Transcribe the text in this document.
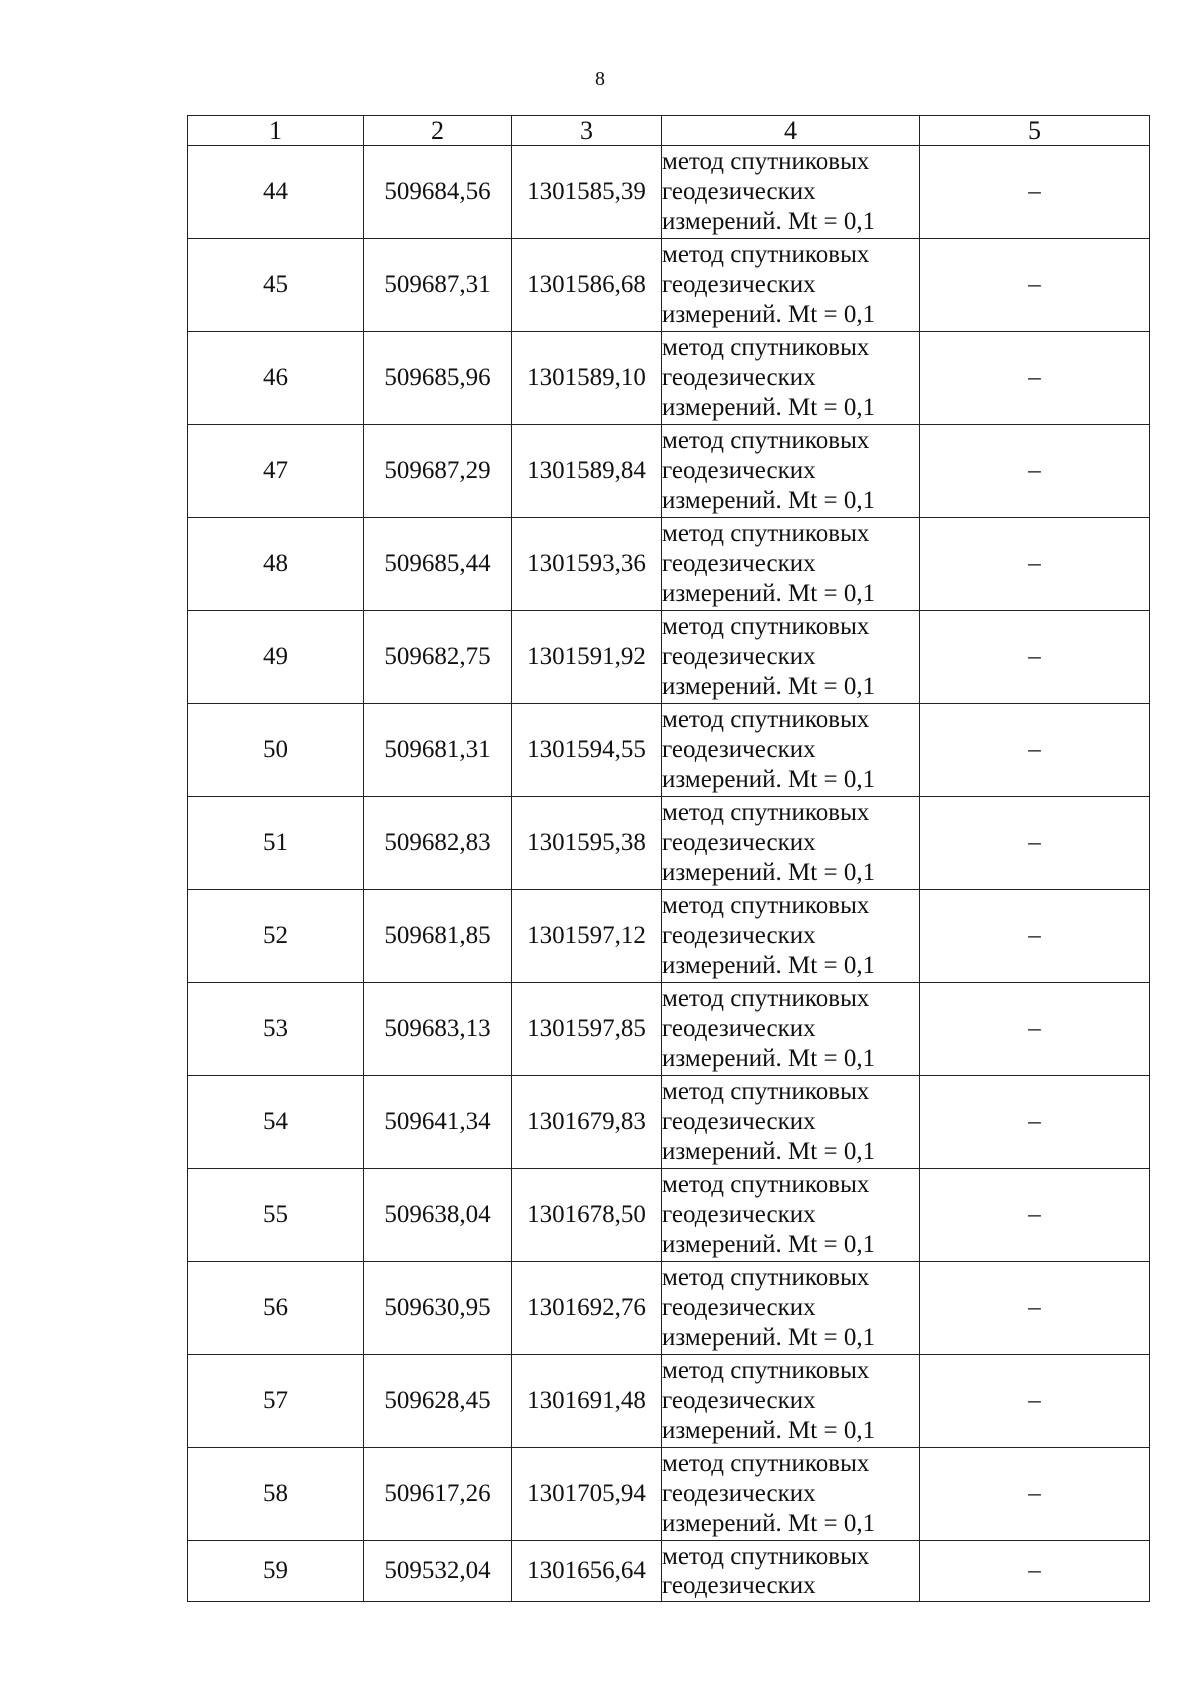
8
1	2	3	4	5
44	509684,56	1301585,39	метод спутниковых
геодезических
измерений. Mt = 0,1	–
45	509687,31	1301586,68	метод спутниковых
геодезических
измерений. Mt = 0,1	–
46	509685,96	1301589,10	метод спутниковых
геодезических
измерений. Mt = 0,1	–
47	509687,29	1301589,84	метод спутниковых
геодезических
измерений. Mt = 0,1	–
48	509685,44	1301593,36	метод спутниковых
геодезических
измерений. Mt = 0,1	–
49	509682,75	1301591,92	метод спутниковых
геодезических
измерений. Mt = 0,1	–
50	509681,31	1301594,55	метод спутниковых
геодезических
измерений. Mt = 0,1	–
51	509682,83	1301595,38	метод спутниковых
геодезических
измерений. Mt = 0,1	–
52	509681,85	1301597,12	метод спутниковых
геодезических
измерений. Mt = 0,1	–
53	509683,13	1301597,85	метод спутниковых
геодезических
измерений. Mt = 0,1	–
54	509641,34	1301679,83	метод спутниковых
геодезических
измерений. Mt = 0,1	–
55	509638,04	1301678,50	метод спутниковых
геодезических
измерений. Mt = 0,1	–
56	509630,95	1301692,76	метод спутниковых
геодезических
измерений. Mt = 0,1	–
57	509628,45	1301691,48	метод спутниковых
геодезических
измерений. Mt = 0,1	–
58	509617,26	1301705,94	метод спутниковых
геодезических
измерений. Mt = 0,1	–
59	509532,04	1301656,64	метод спутниковых
геодезических	–
